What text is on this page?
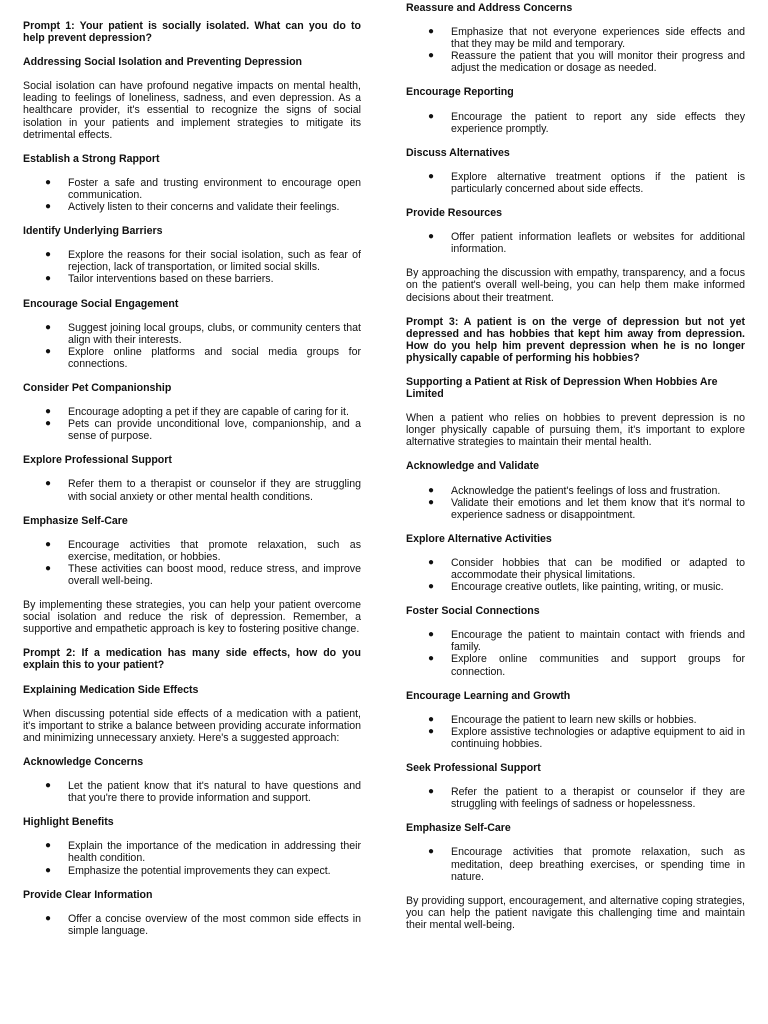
Prompt 1: Your patient is socially isolated. What can you do to help prevent depression?

Addressing Social Isolation and Preventing Depression

Social isolation can have profound negative impacts on mental health, leading to feelings of loneliness, sadness, and even depression. As a healthcare provider, it's essential to recognize the signs of social isolation in your patients and implement strategies to mitigate its detrimental effects.

Establish a Strong Rapport

● Foster a safe and trusting environment to encourage open communication.
● Actively listen to their concerns and validate their feelings.

Identify Underlying Barriers

● Explore the reasons for their social isolation, such as fear of rejection, lack of transportation, or limited social skills.
● Tailor interventions based on these barriers.

Encourage Social Engagement

● Suggest joining local groups, clubs, or community centers that align with their interests.
● Explore online platforms and social media groups for connections.

Consider Pet Companionship

● Encourage adopting a pet if they are capable of caring for it.
● Pets can provide unconditional love, companionship, and a sense of purpose.

Explore Professional Support

● Refer them to a therapist or counselor if they are struggling with social anxiety or other mental health conditions.

Emphasize Self-Care

● Encourage activities that promote relaxation, such as exercise, meditation, or hobbies.
● These activities can boost mood, reduce stress, and improve overall well-being.

By implementing these strategies, you can help your patient overcome social isolation and reduce the risk of depression. Remember, a supportive and empathetic approach is key to fostering positive change.

Prompt 2: If a medication has many side effects, how do you explain this to your patient?

Explaining Medication Side Effects

When discussing potential side effects of a medication with a patient, it's important to strike a balance between providing accurate information and minimizing unnecessary anxiety. Here's a suggested approach:

Acknowledge Concerns

● Let the patient know that it's natural to have questions and that you're there to provide information and support.

Highlight Benefits

● Explain the importance of the medication in addressing their health condition.
● Emphasize the potential improvements they can expect.

Provide Clear Information

● Offer a concise overview of the most common side effects in simple language.

Reassure and Address Concerns

● Emphasize that not everyone experiences side effects and that they may be mild and temporary.
● Reassure the patient that you will monitor their progress and adjust the medication or dosage as needed.

Encourage Reporting

● Encourage the patient to report any side effects they experience promptly.

Discuss Alternatives

● Explore alternative treatment options if the patient is particularly concerned about side effects.

Provide Resources

● Offer patient information leaflets or websites for additional information.

By approaching the discussion with empathy, transparency, and a focus on the patient's overall well-being, you can help them make informed decisions about their treatment.

Prompt 3: A patient is on the verge of depression but not yet depressed and has hobbies that kept him away from depression. How do you help him prevent depression when he is no longer physically capable of performing his hobbies?

Supporting a Patient at Risk of Depression When Hobbies Are Limited

When a patient who relies on hobbies to prevent depression is no longer physically capable of pursuing them, it's important to explore alternative strategies to maintain their mental health.

Acknowledge and Validate

● Acknowledge the patient's feelings of loss and frustration.
● Validate their emotions and let them know that it's normal to experience sadness or disappointment.

Explore Alternative Activities

● Consider hobbies that can be modified or adapted to accommodate their physical limitations.
● Encourage creative outlets, like painting, writing, or music.

Foster Social Connections

● Encourage the patient to maintain contact with friends and family.
● Explore online communities and support groups for connection.

Encourage Learning and Growth

● Encourage the patient to learn new skills or hobbies.
● Explore assistive technologies or adaptive equipment to aid in continuing hobbies.

Seek Professional Support

● Refer the patient to a therapist or counselor if they are struggling with feelings of sadness or hopelessness.

Emphasize Self-Care

● Encourage activities that promote relaxation, such as meditation, deep breathing exercises, or spending time in nature.

By providing support, encouragement, and alternative coping strategies, you can help the patient navigate this challenging time and maintain their mental well-being.
